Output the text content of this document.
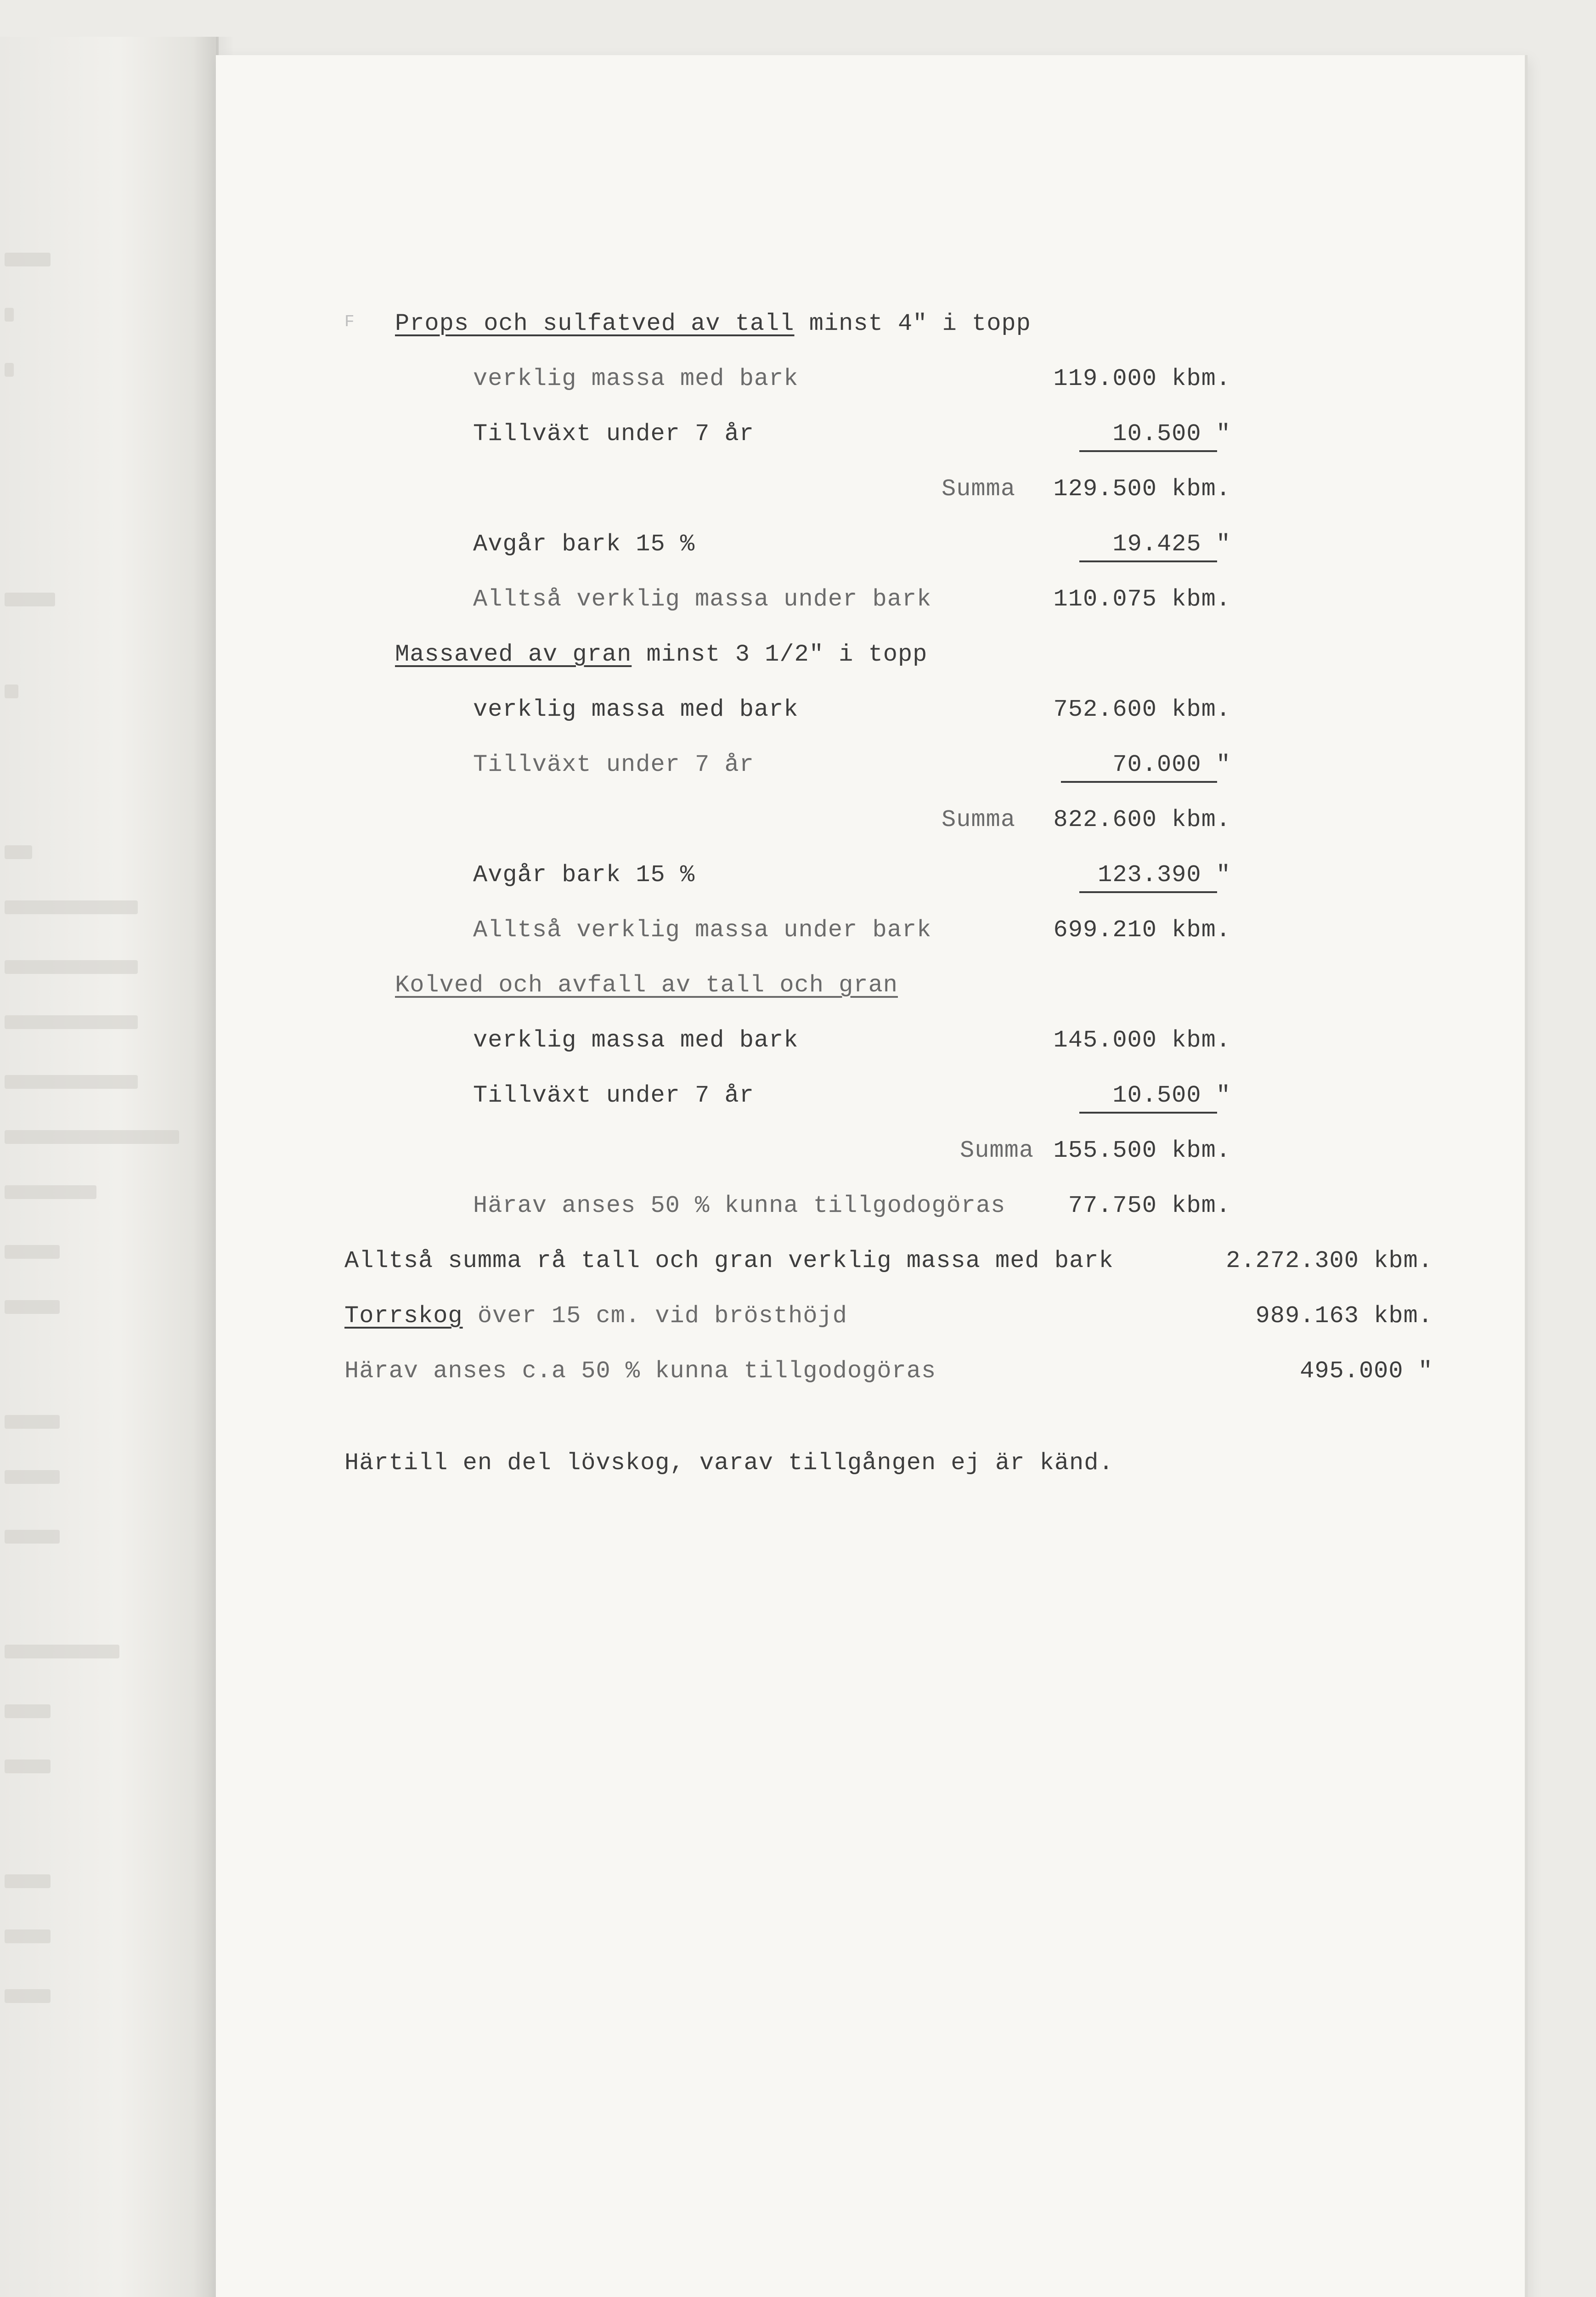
F Props och sulfatved av tall minst 4" i topp
verklig massa med bark	119.000 kbm.
Tillväxt under 7 år	10.500 "
Summa 129.500 kbm.
Avgår bark 15 %	19.425 "
Alltså verklig massa under bark	110.075 kbm.
Massaved av gran minst 3 1/2" i topp
verklig massa med bark	752.600 kbm.
Tillväxt under 7 år	70.000 "
Summa 822.600 kbm.
Avgår bark 15 %	123.390 "
Alltså verklig massa under bark	699.210 kbm.
Kolved och avfall av tall och gran
verklig massa med bark	145.000 kbm.
Tillväxt under 7 år	10.500 "
Summa 155.500 kbm.
Härav anses 50 % kunna tillgodogöras	77.750 kbm.
Alltså summa rå tall och gran verklig massa med bark	2.272.300 kbm.
Torrskog över 15 cm. vid brösthöjd	989.163 kbm.
Härav anses c.a 50 % kunna tillgodogöras	495.000 "
Härtill en del lövskog, varav tillgången ej är känd.
